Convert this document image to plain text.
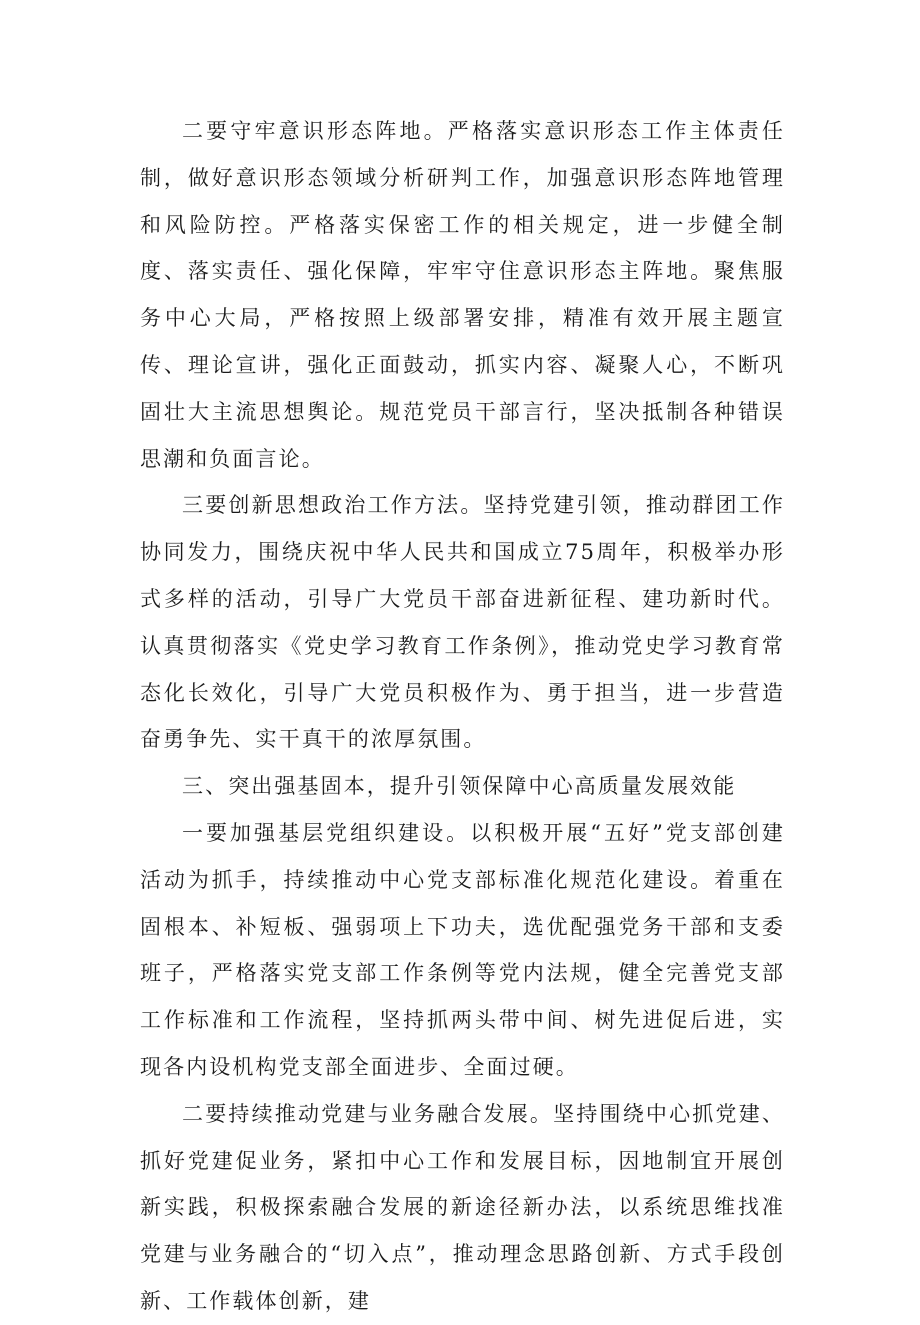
二要守牢意识形态阵地。严格落实意识形态工作主体责任制，做好意识形态领域分析研判工作，加强意识形态阵地管理和风险防控。严格落实保密工作的相关规定，进一步健全制度、落实责任、强化保障，牢牢守住意识形态主阵地。聚焦服务中心大局，严格按照上级部署安排，精准有效开展主题宣传、理论宣讲，强化正面鼓动，抓实内容、凝聚人心，不断巩固壮大主流思想舆论。规范党员干部言行，坚决抵制各种错误思潮和负面言论。

三要创新思想政治工作方法。坚持党建引领，推动群团工作协同发力，围绕庆祝中华人民共和国成立75周年，积极举办形式多样的活动，引导广大党员干部奋进新征程、建功新时代。认真贯彻落实《党史学习教育工作条例》，推动党史学习教育常态化长效化，引导广大党员积极作为、勇于担当，进一步营造奋勇争先、实干真干的浓厚氛围。

三、突出强基固本，提升引领保障中心高质量发展效能

一要加强基层党组织建设。以积极开展“五好”党支部创建活动为抓手，持续推动中心党支部标准化规范化建设。着重在固根本、补短板、强弱项上下功夫，选优配强党务干部和支委班子，严格落实党支部工作条例等党内法规，健全完善党支部工作标准和工作流程，坚持抓两头带中间、树先进促后进，实现各内设机构党支部全面进步、全面过硬。

二要持续推动党建与业务融合发展。坚持围绕中心抓党建、抓好党建促业务，紧扣中心工作和发展目标，因地制宜开展创新实践，积极探索融合发展的新途径新办法，以系统思维找准党建与业务融合的“切入点”，推动理念思路创新、方式手段创新、工作载体创新，建
